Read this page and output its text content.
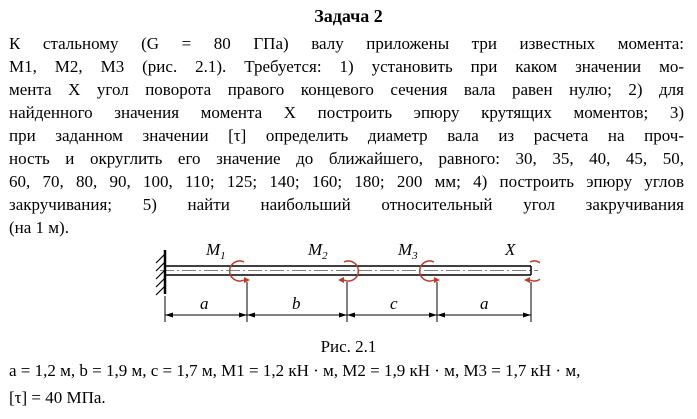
Задача 2
К стальному (G = 80 ГПа) валу приложены три известных момента:
M1, M2, M3 (рис. 2.1). Требуется: 1) установить при каком значении мо-
мента X угол поворота правого концевого сечения вала равен нулю; 2) для
найденного значения момента X построить эпюру крутящих моментов; 3)
при заданном значении [τ] определить диаметр вала из расчета на проч-
ность и округлить его значение до ближайшего, равного: 30, 35, 40, 45, 50,
60, 70, 80, 90, 100, 110; 125; 140; 160; 180; 200 мм; 4) построить эпюру углов
закручивания; 5) найти наибольший относительный угол закручивания
(на 1 м).
$M_1$	$M_2$	$M_3$	X
a	b	c	a
Рис. 2.1
a = 1,2 м, b = 1,9 м, c = 1,7 м, M1 = 1,2 кН · м, M2 = 1,9 кН · м, M3 = 1,7 кН · м,
[τ] = 40 МПа.
